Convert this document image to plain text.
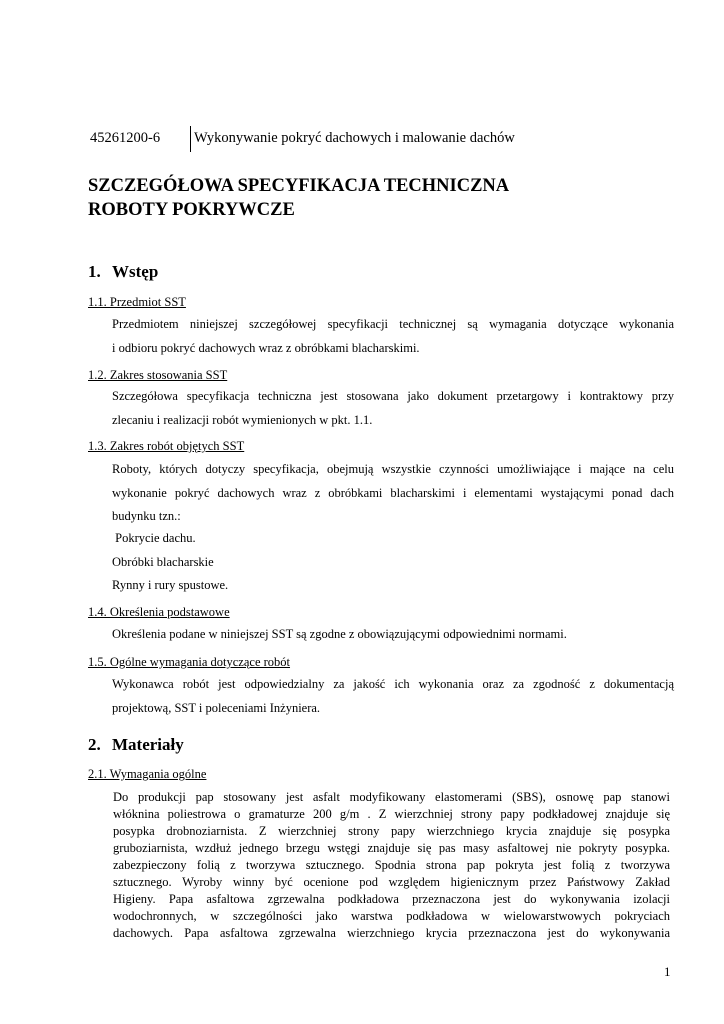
45261200-6	Wykonywanie pokryć dachowych i malowanie dachów
SZCZEGÓŁOWA SPECYFIKACJA TECHNICZNA
ROBOTY POKRYWCZE
1. Wstęp
1.1. Przedmiot SST
Przedmiotem niniejszej szczegółowej specyfikacji technicznej są wymagania dotyczące wykonania
i odbioru pokryć dachowych wraz z obróbkami blacharskimi.
1.2. Zakres stosowania SST
Szczegółowa specyfikacja techniczna jest stosowana jako dokument przetargowy i kontraktowy przy
zlecaniu i realizacji robót wymienionych w pkt. 1.1.
1.3. Zakres robót objętych SST
Roboty, których dotyczy specyfikacja, obejmują wszystkie czynności umożliwiające i mające na celu
wykonanie pokryć dachowych wraz z obróbkami blacharskimi i elementami wystającymi ponad dach
budynku tzn.:
Pokrycie dachu.
Obróbki blacharskie
Rynny i rury spustowe.
1.4. Określenia podstawowe
Określenia podane w niniejszej SST są zgodne z obowiązującymi odpowiednimi normami.
1.5. Ogólne wymagania dotyczące robót
Wykonawca robót jest odpowiedzialny za jakość ich wykonania oraz za zgodność z dokumentacją
projektową, SST i poleceniami Inżyniera.
2. Materiały
2.1. Wymagania ogólne
Do produkcji pap stosowany jest asfalt modyfikowany elastomerami (SBS), osnowę pap stanowi
włóknina poliestrowa o gramaturze 200 g/m . Z wierzchniej strony papy podkładowej znajduje się
posypka drobnoziarnista. Z wierzchniej strony papy wierzchniego krycia znajduje się posypka
gruboziarnista, wzdłuż jednego brzegu wstęgi znajduje się pas masy asfaltowej nie pokryty posypka.
zabezpieczony folią z tworzywa sztucznego. Spodnia strona pap pokryta jest folią z tworzywa
sztucznego. Wyroby winny być ocenione pod względem higienicznym przez Państwowy Zakład
Higieny. Papa asfaltowa zgrzewalna podkładowa przeznaczona jest do wykonywania izolacji
wodochronnych, w szczególności jako warstwa podkładowa w wielowarstwowych pokryciach
dachowych. Papa asfaltowa zgrzewalna wierzchniego krycia przeznaczona jest do wykonywania
1
